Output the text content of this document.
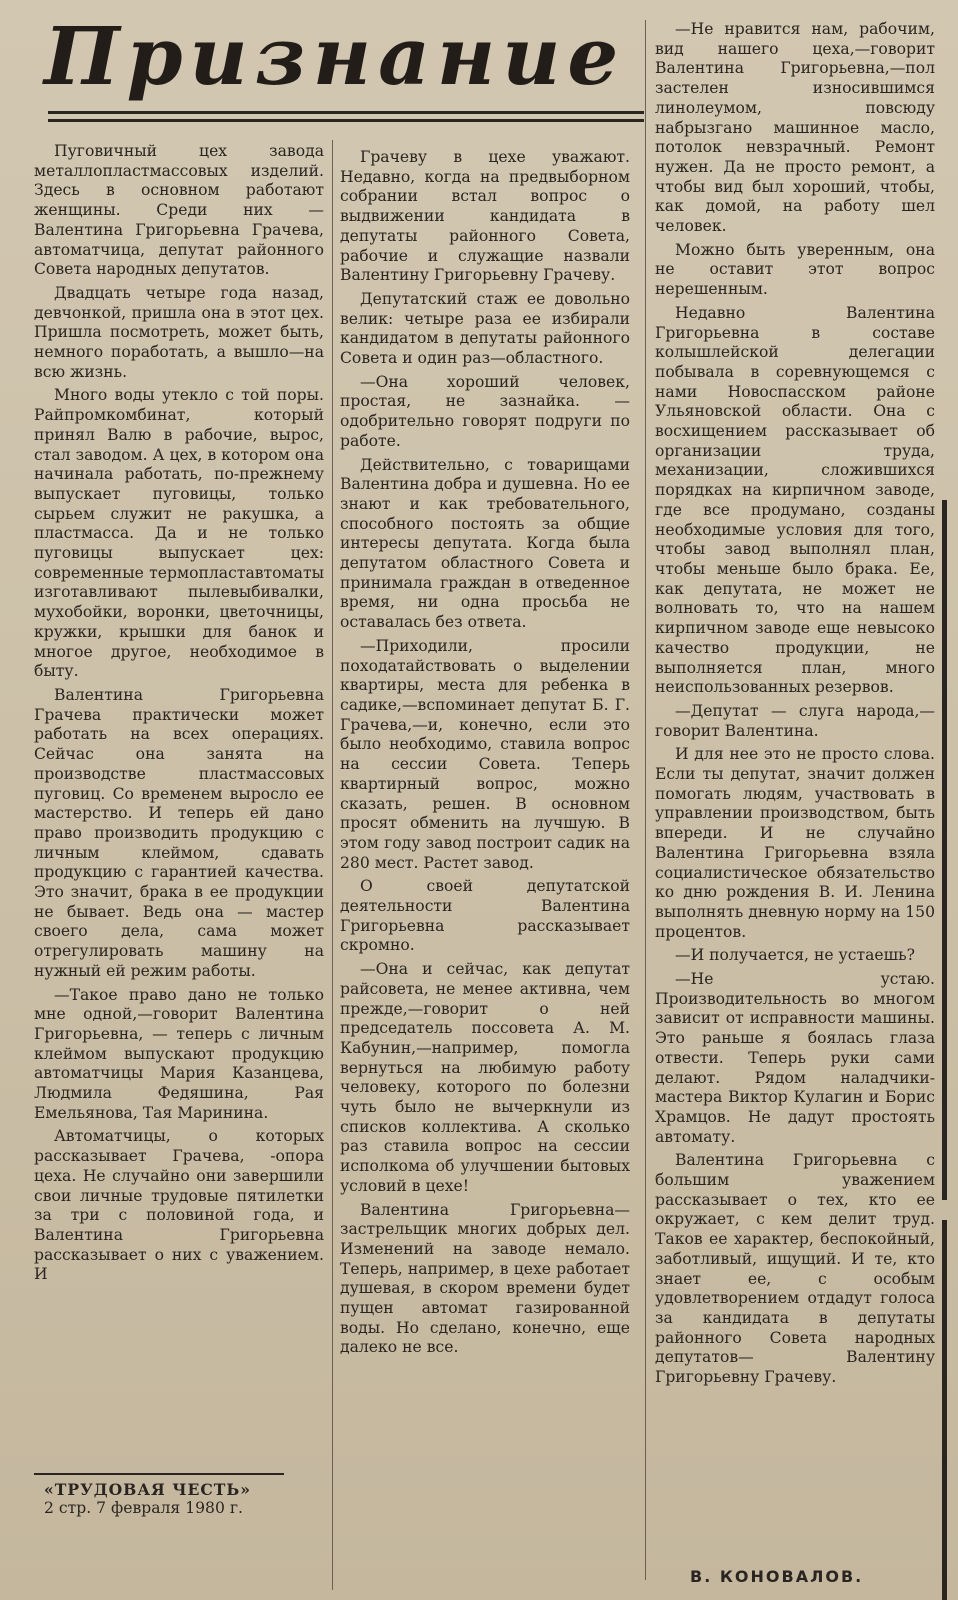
Признание

Пуговичный цех завода металлопластмассовых изделий. Здесь в основном работают женщины. Среди них — Валентина Григорьевна Грачева, автоматчица, депутат районного Совета народных депутатов.

Двадцать четыре года назад, девчонкой, пришла она в этот цех. Пришла посмотреть, может быть, немного поработать, а вышло—на всю жизнь.

Много воды утекло с той поры. Райпромкомбинат, который принял Валю в рабочие, вырос, стал заводом. А цех, в котором она начинала работать, по-прежнему выпускает пуговицы, только сырьем служит не ракушка, а пластмасса. Да и не только пуговицы выпускает цех: современные термопластавтоматы изготавливают пылевыбивалки, мухобойки, воронки, цветочницы, кружки, крышки для банок и многое другое, необходимое в быту.

Валентина Григорьевна Грачева практически может работать на всех операциях. Сейчас она занята на производстве пластмассовых пуговиц. Со временем выросло ее мастерство. И теперь ей дано право производить продукцию с личным клеймом, сдавать продукцию с гарантией качества. Это значит, брака в ее продукции не бывает. Ведь она — мастер своего дела, сама может отрегулировать машину на нужный ей режим работы.

—Такое право дано не только мне одной,—говорит Валентина Григорьевна, — теперь с личным клеймом выпускают продукцию автоматчицы Мария Казанцева, Людмила Федяшина, Рая Емельянова, Тая Маринина.

Автоматчицы, о которых рассказывает Грачева, -опора цеха. Не случайно они завершили свои личные трудовые пятилетки за три с половиной года, и Валентина Григорьевна рассказывает о них с уважением. И

Грачеву в цехе уважают. Недавно, когда на предвыборном собрании встал вопрос о выдвижении кандидата в депутаты районного Совета, рабочие и служащие назвали Валентину Григорьевну Грачеву.

Депутатский стаж ее довольно велик: четыре раза ее избирали кандидатом в депутаты районного Совета и один раз—областного.

—Она хороший человек, простая, не зазнайка. — одобрительно говорят подруги по работе.

Действительно, с товарищами Валентина добра и душевна. Но ее знают и как требовательного, способного постоять за общие интересы депутата. Когда была депутатом областного Совета и принимала граждан в отведенное время, ни одна просьба не оставалась без ответа.

—Приходили, просили походатайствовать о выделении квартиры, места для ребенка в садике,—вспоминает депутат Б. Г. Грачева,—и, конечно, если это было необходимо, ставила вопрос на сессии Совета. Теперь квартирный вопрос, можно сказать, решен. В основном просят обменить на лучшую. В этом году завод построит садик на 280 мест. Растет завод.

О своей депутатской деятельности Валентина Григорьевна рассказывает скромно.

—Она и сейчас, как депутат райсовета, не менее активна, чем прежде,—говорит о ней председатель поссовета А. М. Кабунин,—например, помогла вернуться на любимую работу человеку, которого по болезни чуть было не вычеркнули из списков коллектива. А сколько раз ставила вопрос на сессии исполкома об улучшении бытовых условий в цехе!

Валентина Григорьевна—застрельщик многих добрых дел. Изменений на заводе немало. Теперь, например, в цехе работает душевая, в скором времени будет пущен автомат газированной воды. Но сделано, конечно, еще далеко не все.

—Не нравится нам, рабочим, вид нашего цеха,—говорит Валентина Григорьевна,—пол застелен износившимся линолеумом, повсюду набрызгано машинное масло, потолок невзрачный. Ремонт нужен. Да не просто ремонт, а чтобы вид был хороший, чтобы, как домой, на работу шел человек.

Можно быть уверенным, она не оставит этот вопрос нерешенным.

Недавно Валентина Григорьевна в составе колышлейской делегации побывала в соревнующемся с нами Новоспасском районе Ульяновской области. Она с восхищением рассказывает об организации труда, механизации, сложившихся порядках на кирпичном заводе, где все продумано, созданы необходимые условия для того, чтобы завод выполнял план, чтобы меньше было брака. Ее, как депутата, не может не волновать то, что на нашем кирпичном заводе еще невысоко качество продукции, не выполняется план, много неиспользованных резервов.

—Депутат — слуга народа,—говорит Валентина.

И для нее это не просто слова. Если ты депутат, значит должен помогать людям, участвовать в управлении производством, быть впереди. И не случайно Валентина Григорьевна взяла социалистическое обязательство ко дню рождения В. И. Ленина выполнять дневную норму на 150 процентов.

—И получается, не устаешь?

—Не устаю. Производительность во многом зависит от исправности машины. Это раньше я боялась глаза отвести. Теперь руки сами делают. Рядом наладчики-мастера Виктор Кулагин и Борис Храмцов. Не дадут простоять автомату.

Валентина Григорьевна с большим уважением рассказывает о тех, кто ее окружает, с кем делит труд. Таков ее характер, беспокойный, заботливый, ищущий. И те, кто знает ее, с особым удовлетворением отдадут голоса за кандидата в депутаты районного Совета народных депутатов— Валентину Григорьевну Грачеву.

«ТРУДОВАЯ ЧЕСТЬ»
2 стр. 7 февраля 1980 г.
В. КОНОВАЛОВ.
